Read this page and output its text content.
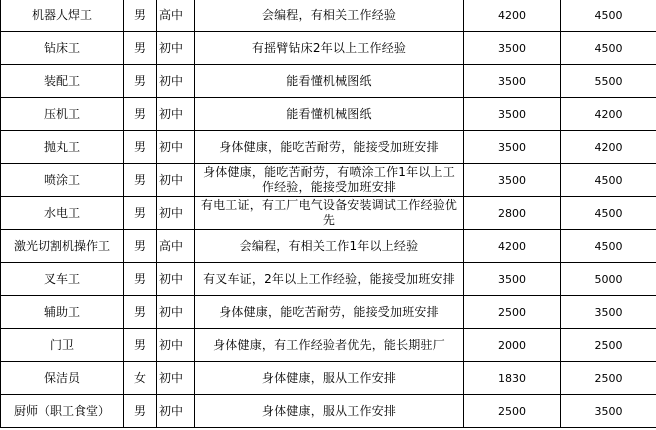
机器人焊工	男	高中	会编程，有相关工作经验	4200	4500
钻床工	男	初中	有摇臂钻床2年以上工作经验	3500	4500
装配工	男	初中	能看懂机械图纸	3500	5500
压机工	男	初中	能看懂机械图纸	3500	4200
抛丸工	男	初中	身体健康，能吃苦耐劳，能接受加班安排	3500	4200
喷涂工	男	初中	身体健康，能吃苦耐劳，有喷涂工作1年以上工作经验，能接受加班安排	3500	4500
水电工	男	初中	有电工证，有工厂电气设备安装调试工作经验优先	2800	4500
激光切割机操作工	男	高中	会编程，有相关工作1年以上经验	4200	4500
叉车工	男	初中	有叉车证，2年以上工作经验，能接受加班安排	3500	5000
辅助工	男	初中	身体健康，能吃苦耐劳，能接受加班安排	2500	3500
门卫	男	初中	身体健康，有工作经验者优先，能长期驻厂	2000	2500
保洁员	女	初中	身体健康，服从工作安排	1830	2500
厨师（职工食堂）	男	初中	身体健康，服从工作安排	2500	3500
